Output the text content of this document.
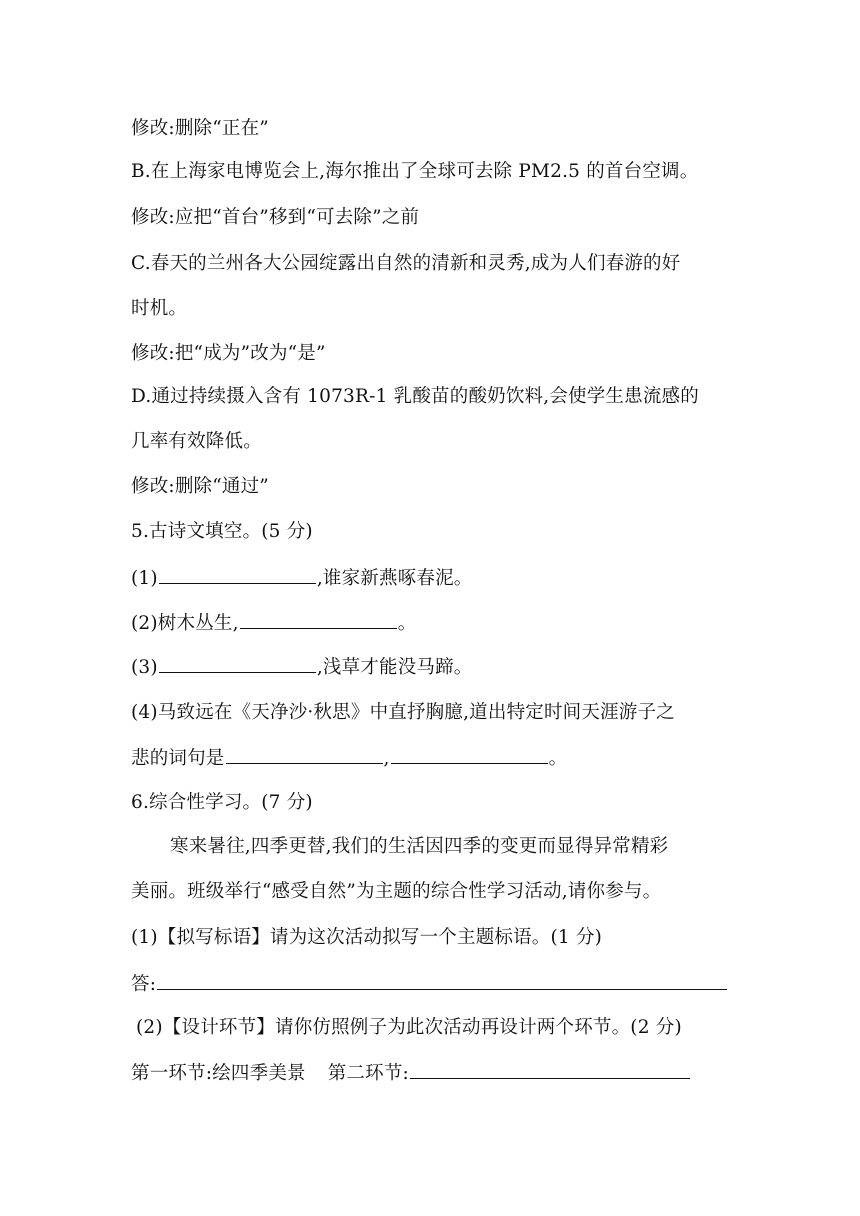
修改:删除“正在”
B.在上海家电博览会上,海尔推出了全球可去除 PM2.5 的首台空调。
修改:应把“首台”移到“可去除”之前
C.春天的兰州各大公园绽露出自然的清新和灵秀,成为人们春游的好
时机。
修改:把“成为”改为“是”
D.通过持续摄入含有 1073R-1 乳酸苗的酸奶饮料,会使学生患流感的
几率有效降低。
修改:删除“通过”
5.古诗文填空。(5 分)
(1)	,谁家新燕啄春泥。
(2)树木丛生,	。
(3)	,浅草才能没马蹄。
(4)马致远在《天净沙·秋思》中直抒胸臆,道出特定时间天涯游子之
悲的词句是	,	。
6.综合性学习。(7 分)
寒来暑往,四季更替,我们的生活因四季的变更而显得异常精彩
美丽。班级举行“感受自然”为主题的综合性学习活动,请你参与。
(1)【拟写标语】请为这次活动拟写一个主题标语。(1 分)
答:
(2)【设计环节】请你仿照例子为此次活动再设计两个环节。(2 分)
第一环节:绘四季美景 第二环节:
